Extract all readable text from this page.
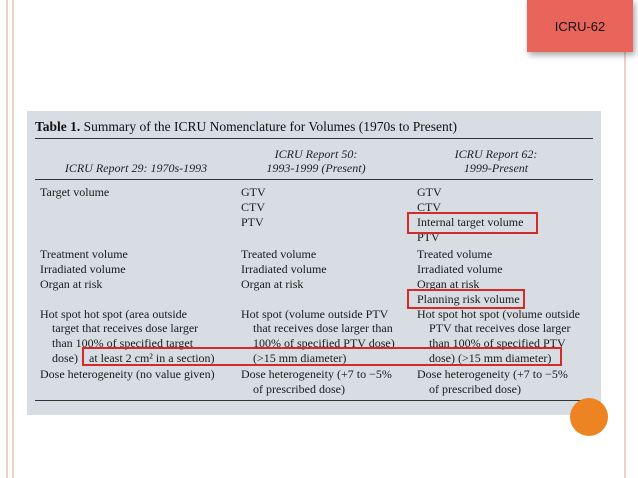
ICRU-62
Table 1. Summary of the ICRU Nomenclature for Volumes (1970s to Present)
ICRU Report 29: 1970s-1993
ICRU Report 50:
1993-1999 (Present)
ICRU Report 62:
1999-Present
Target volume
Treatment volume
Irradiated volume
Organ at risk
Hot spot hot spot (area outside
target that receives dose larger
than 100% of specified target
dose) at least 2 cm² in a section)
Dose heterogeneity (no value given)
GTV
CTV
PTV
Treated volume
Irradiated volume
Organ at risk
Hot spot (volume outside PTV
that receives dose larger than
100% of specified PTV dose)
(>15 mm diameter)
Dose heterogeneity (+7 to −5%
of prescribed dose)
GTV
CTV
Internal target volume
PTV
Treated volume
Irradiated volume
Organ at risk
Planning risk volume
Hot spot hot spot (volume outside
PTV that receives dose larger
than 100% of specified PTV
dose) (>15 mm diameter)
Dose heterogeneity (+7 to −5%
of prescribed dose)
